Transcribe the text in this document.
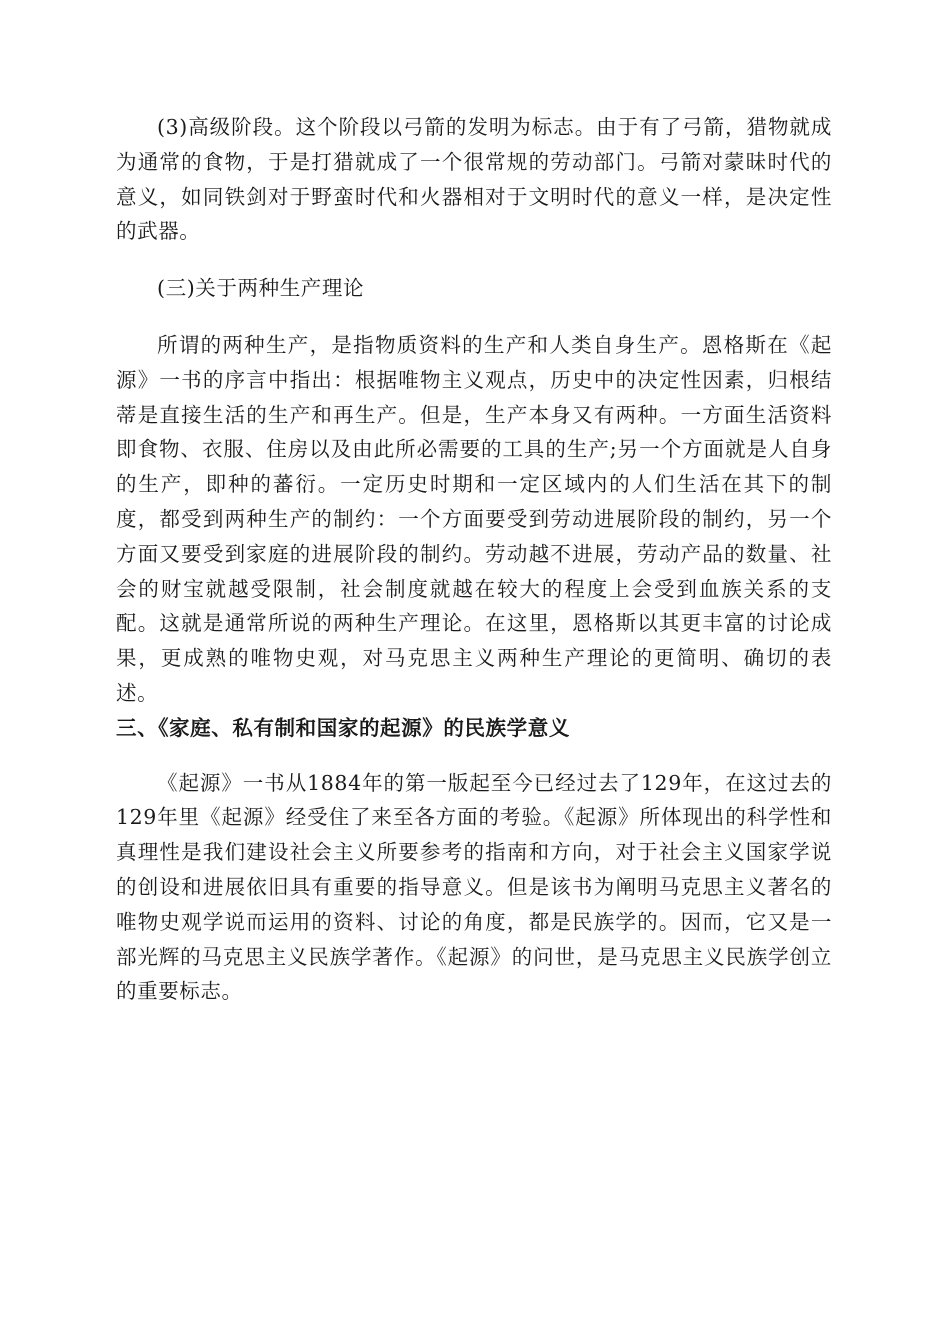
(3)高级阶段。这个阶段以弓箭的发明为标志。由于有了弓箭，猎物就成为通常的食物，于是打猎就成了一个很常规的劳动部门。弓箭对蒙昧时代的意义，如同铁剑对于野蛮时代和火器相对于文明时代的意义一样，是决定性的武器。

(三)关于两种生产理论

所谓的两种生产，是指物质资料的生产和人类自身生产。恩格斯在《起源》一书的序言中指出：根据唯物主义观点，历史中的决定性因素，归根结蒂是直接生活的生产和再生产。但是，生产本身又有两种。一方面生活资料即食物、衣服、住房以及由此所必需要的工具的生产;另一个方面就是人自身的生产，即种的蕃衍。一定历史时期和一定区域内的人们生活在其下的制度，都受到两种生产的制约：一个方面要受到劳动进展阶段的制约，另一个方面又要受到家庭的进展阶段的制约。劳动越不进展，劳动产品的数量、社会的财宝就越受限制，社会制度就越在较大的程度上会受到血族关系的支配。这就是通常所说的两种生产理论。在这里，恩格斯以其更丰富的讨论成果，更成熟的唯物史观，对马克思主义两种生产理论的更简明、确切的表述。

三、《家庭、私有制和国家的起源》的民族学意义

《起源》一书从1884年的第一版起至今已经过去了129年，在这过去的129年里《起源》经受住了来至各方面的考验。《起源》所体现出的科学性和真理性是我们建设社会主义所要参考的指南和方向，对于社会主义国家学说的创设和进展依旧具有重要的指导意义。但是该书为阐明马克思主义著名的唯物史观学说而运用的资料、讨论的角度，都是民族学的。因而，它又是一部光辉的马克思主义民族学著作。《起源》的问世，是马克思主义民族学创立的重要标志。
